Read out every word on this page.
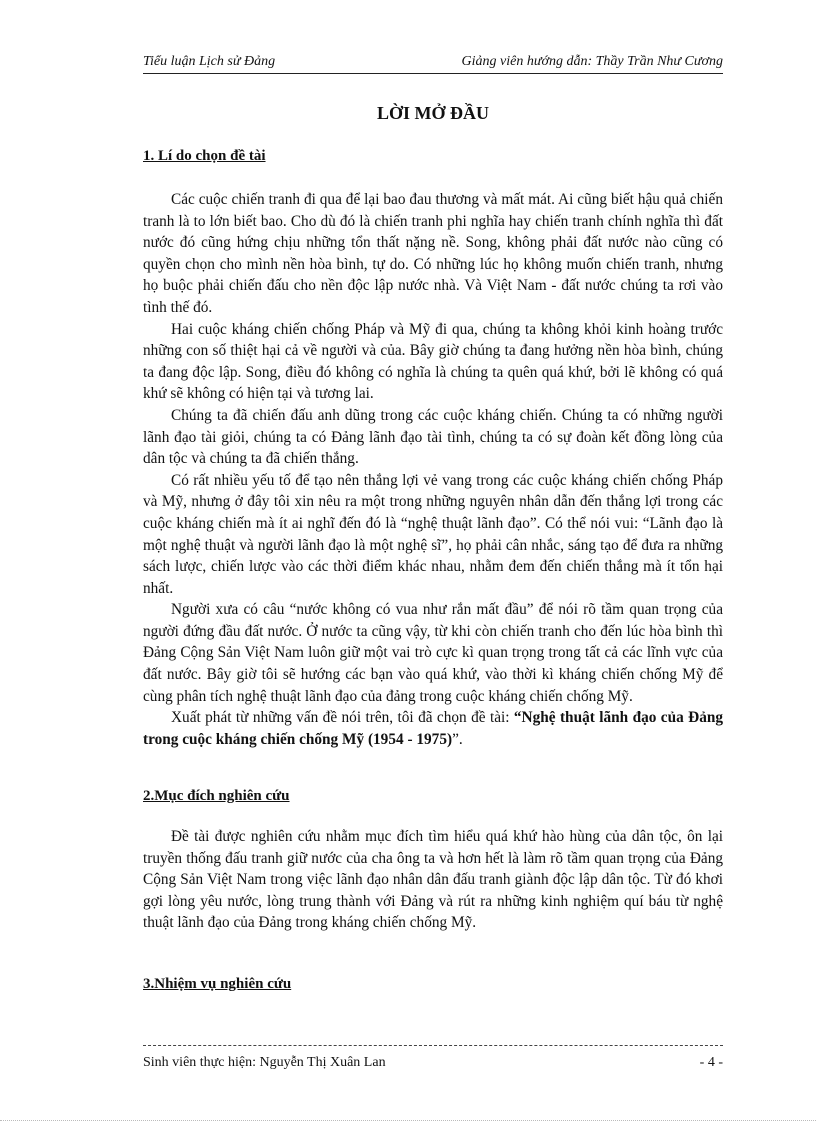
Tiểu luận Lịch sử Đảng	Giảng viên hướng dẫn: Thầy Trần Như Cương
LỜI MỞ ĐẦU
1. Lí do chọn đề tài

Các cuộc chiến tranh đi qua để lại bao đau thương và mất mát. Ai cũng biết hậu quả chiến tranh là to lớn biết bao. Cho dù đó là chiến tranh phi nghĩa hay chiến tranh chính nghĩa thì đất nước đó cũng hứng chịu những tổn thất nặng nề. Song, không phải đất nước nào cũng có quyền chọn cho mình nền hòa bình, tự do. Có những lúc họ không muốn chiến tranh, nhưng họ buộc phải chiến đấu cho nền độc lập nước nhà. Và Việt Nam - đất nước chúng ta rơi vào tình thế đó.

Hai cuộc kháng chiến chống Pháp và Mỹ đi qua, chúng ta không khỏi kinh hoàng trước những con số thiệt hại cả về người và của. Bây giờ chúng ta đang hưởng nền hòa bình, chúng ta đang độc lập. Song, điều đó không có nghĩa là chúng ta quên quá khứ, bởi lẽ không có quá khứ sẽ không có hiện tại và tương lai.

Chúng ta đã chiến đấu anh dũng trong các cuộc kháng chiến. Chúng ta có những người lãnh đạo tài giỏi, chúng ta có Đảng lãnh đạo tài tình, chúng ta có sự đoàn kết đồng lòng của dân tộc và chúng ta đã chiến thắng.

Có rất nhiều yếu tố để tạo nên thắng lợi vẻ vang trong các cuộc kháng chiến chống Pháp và Mỹ, nhưng ở đây tôi xin nêu ra một trong những nguyên nhân dẫn đến thắng lợi trong các cuộc kháng chiến mà ít ai nghĩ đến đó là “nghệ thuật lãnh đạo”. Có thể nói vui: “Lãnh đạo là một nghệ thuật và người lãnh đạo là một nghệ sĩ”, họ phải cân nhắc, sáng tạo để đưa ra những sách lược, chiến lược vào các thời điểm khác nhau, nhằm đem đến chiến thắng mà ít tổn hại nhất.

Người xưa có câu “nước không có vua như rắn mất đầu” để nói rõ tầm quan trọng của người đứng đầu đất nước. Ở nước ta cũng vậy, từ khi còn chiến tranh cho đến lúc hòa bình thì Đảng Cộng Sản Việt Nam luôn giữ một vai trò cực kì quan trọng trong tất cả các lĩnh vực của đất nước. Bây giờ tôi sẽ hướng các bạn vào quá khứ, vào thời kì kháng chiến chống Mỹ để cùng phân tích nghệ thuật lãnh đạo của đảng trong cuộc kháng chiến chống Mỹ.

Xuất phát từ những vấn đề nói trên, tôi đã chọn đề tài: “Nghệ thuật lãnh đạo của Đảng trong cuộc kháng chiến chống Mỹ (1954 - 1975)”.

2.Mục đích nghiên cứu

Đề tài được nghiên cứu nhằm mục đích tìm hiểu quá khứ hào hùng của dân tộc, ôn lại truyền thống đấu tranh giữ nước của cha ông ta và hơn hết là làm rõ tầm quan trọng của Đảng Cộng Sản Việt Nam trong việc lãnh đạo nhân dân đấu tranh giành độc lập dân tộc. Từ đó khơi gợi lòng yêu nước, lòng trung thành với Đảng và rút ra những kinh nghiệm quí báu từ nghệ thuật lãnh đạo của Đảng trong kháng chiến chống Mỹ.

3.Nhiệm vụ nghiên cứu
Sinh viên thực hiện: Nguyễn Thị Xuân Lan	- 4 -
